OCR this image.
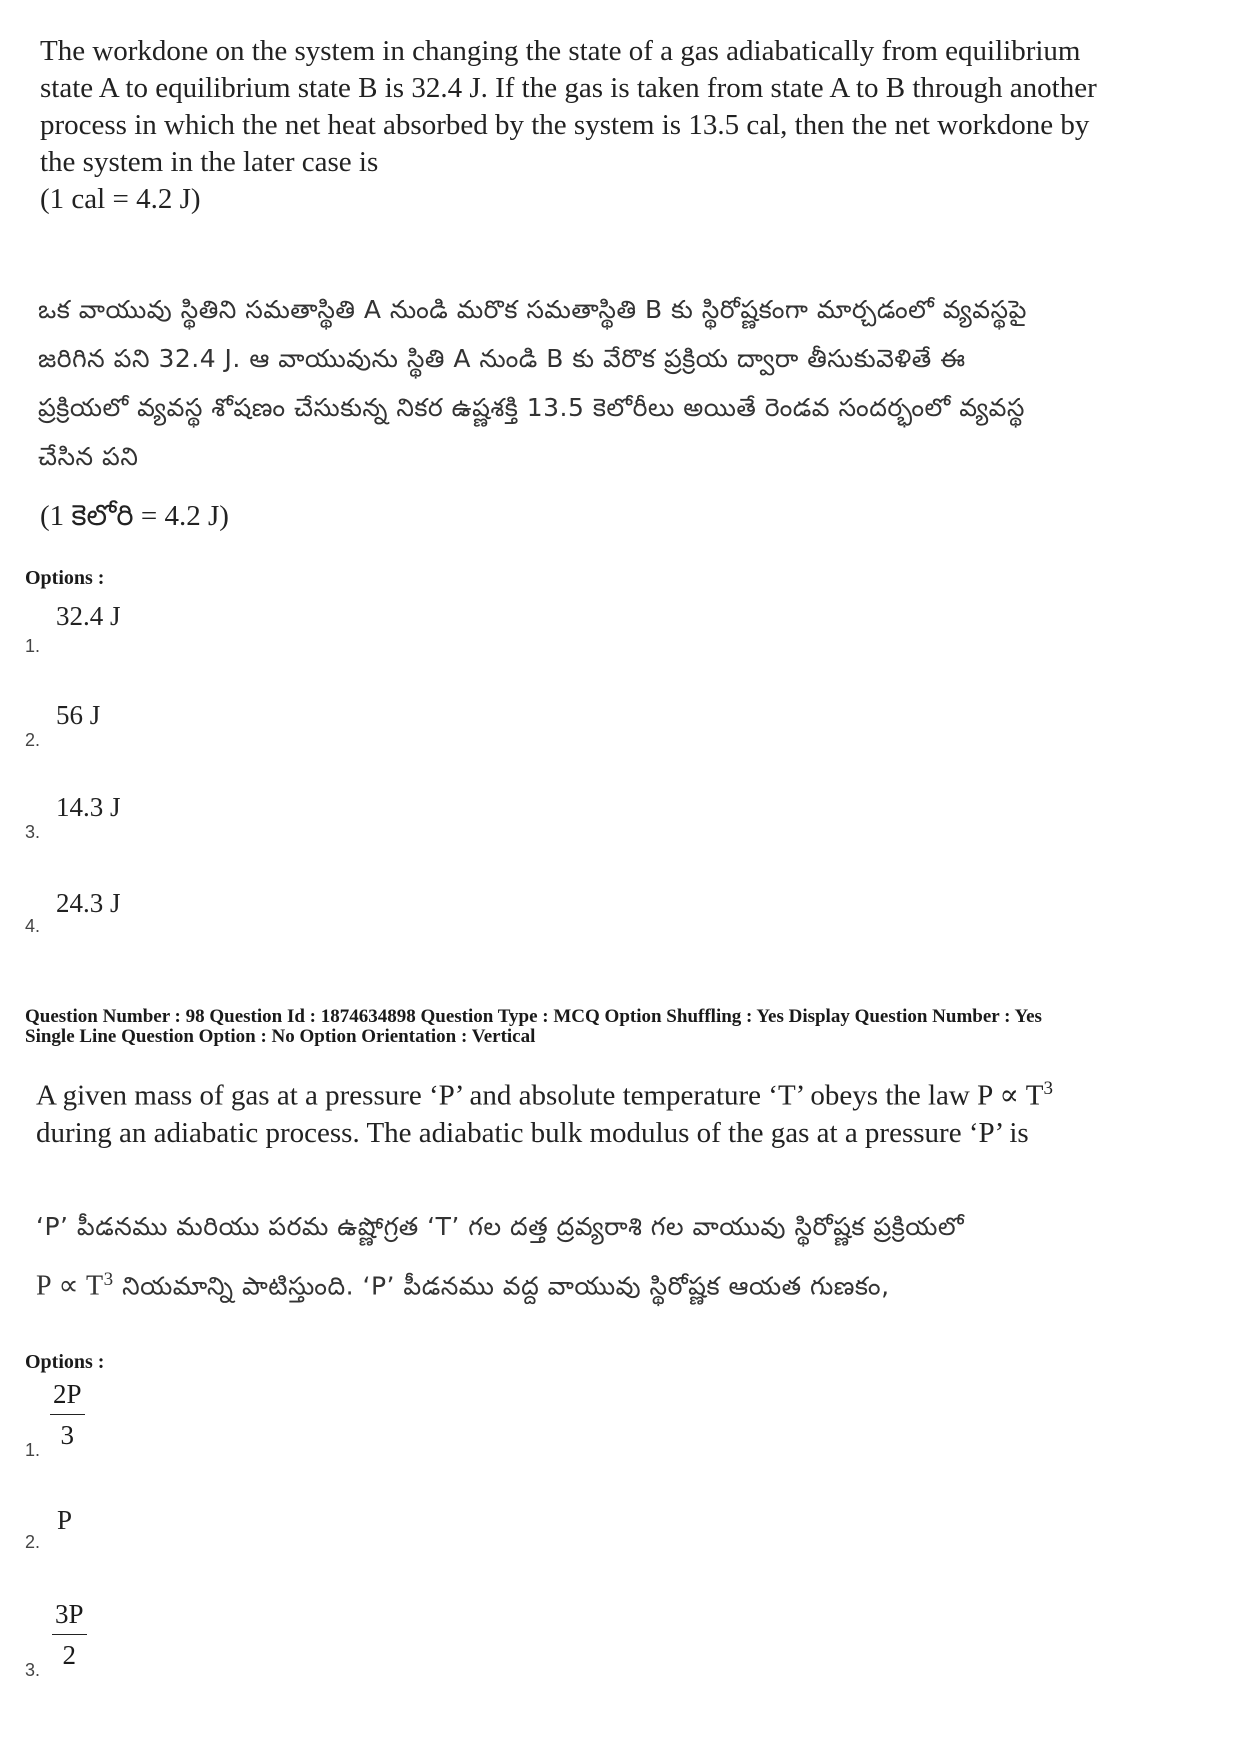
The workdone on the system in changing the state of a gas adiabatically from equilibrium
state A to equilibrium state B is 32.4 J. If the gas is taken from state A to B through another
process in which the net heat absorbed by the system is 13.5 cal, then the net workdone by
the system in the later case is
(1 cal = 4.2 J)
ఒక వాయువు స్థితిని సమతాస్థితి A నుండి మరొక సమతాస్థితి B కు స్థిరోష్ణకంగా మార్చడంలో వ్యవస్థపై
జరిగిన పని 32.4 J. ఆ వాయువును స్థితి A నుండి B కు వేరొక ప్రక్రియ ద్వారా తీసుకువెళితే ఈ
ప్రక్రియలో వ్యవస్థ శోషణం చేసుకున్న నికర ఉష్ణశక్తి 13.5 కెలోరీలు అయితే రెండవ సందర్భంలో వ్యవస్థ
చేసిన పని
(1 కెలోరి = 4.2 J)
Options :
32.4 J
1.
56 J
2.
14.3 J
3.
24.3 J
4.
Question Number : 98 Question Id : 1874634898 Question Type : MCQ Option Shuffling : Yes Display Question Number : Yes
Single Line Question Option : No Option Orientation : Vertical
A given mass of gas at a pressure ‘P’ and absolute temperature ‘T’ obeys the law $P \propto T^3$
during an adiabatic process. The adiabatic bulk modulus of the gas at a pressure ‘P’ is
‘P’ పీడనము మరియు పరమ ఉష్ణోగ్రత ‘T’ గల దత్త ద్రవ్యరాశి గల వాయువు స్థిరోష్ణక ప్రక్రియలో
$P \propto T^3$ నియమాన్ని పాటిస్తుంది. ‘P’ పీడనము వద్ద వాయువు స్థిరోష్ణక ఆయత గుణకం,
Options :
$\frac{2P}{3}$
1.
P
2.
$\frac{3P}{2}$
3.
